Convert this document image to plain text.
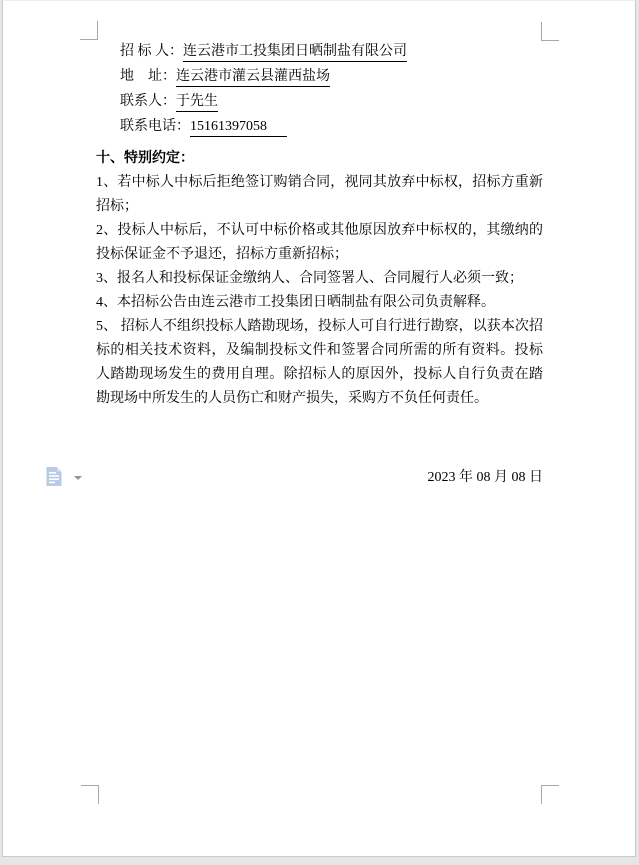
招 标 人：连云港市工投集团日晒制盐有限公司

地    址：连云港市灌云县灌西盐场

联系人：于先生

联系电话：15161397058

十、特别约定：

1、若中标人中标后拒绝签订购销合同，视同其放弃中标权，招标方重新招标；

2、投标人中标后，不认可中标价格或其他原因放弃中标权的，其缴纳的投标保证金不予退还，招标方重新招标；

3、报名人和投标保证金缴纳人、合同签署人、合同履行人必须一致；

4、本招标公告由连云港市工投集团日晒制盐有限公司负责解释。

5、 招标人不组织投标人踏勘现场，投标人可自行进行勘察，以获本次招标的相关技术资料，及编制投标文件和签署合同所需的所有资料。投标人踏勘现场发生的费用自理。除招标人的原因外，投标人自行负责在踏勘现场中所发生的人员伤亡和财产损失，采购方不负任何责任。

2023 年 08 月 08 日
